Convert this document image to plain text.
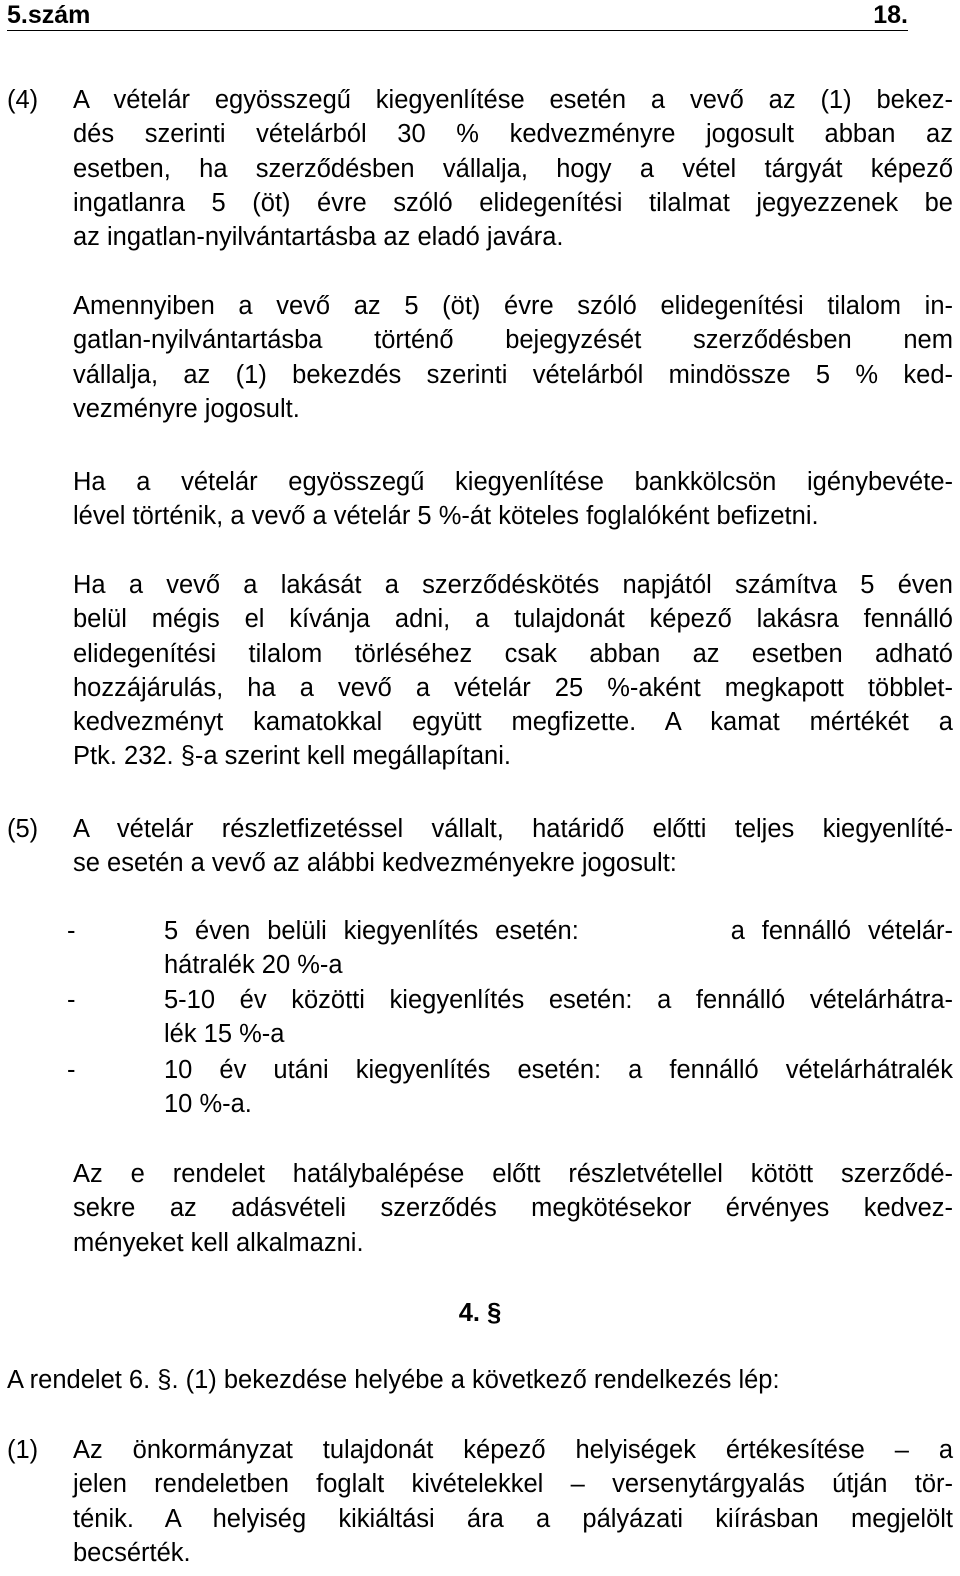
5.szám	18.
(4) A vételár egyösszegű kiegyenlítése esetén a vevő az (1) bekez-
dés szerinti vételárból 30 % kedvezményre jogosult abban az
esetben, ha szerződésben vállalja, hogy a vétel tárgyát képező
ingatlanra 5 (öt) évre szóló elidegenítési tilalmat jegyezzenek be
az ingatlan-nyilvántartásba az eladó javára.
Amennyiben a vevő az 5 (öt) évre szóló elidegenítési tilalom in-
gatlan-nyilvántartásba történő bejegyzését szerződésben nem
vállalja, az (1) bekezdés szerinti vételárból mindössze 5 % ked-
vezményre jogosult.
Ha a vételár egyösszegű kiegyenlítése bankkölcsön igénybevéte-
lével történik, a vevő a vételár 5 %-át köteles foglalóként befizetni.
Ha a vevő a lakását a szerződéskötés napjától számítva 5 éven
belül mégis el kívánja adni, a tulajdonát képező lakásra fennálló
elidegenítési tilalom törléséhez csak abban az esetben adható
hozzájárulás, ha a vevő a vételár 25 %-aként megkapott többlet-
kedvezményt kamatokkal együtt megfizette. A kamat mértékét a
Ptk. 232. §-a szerint kell megállapítani.
(5) A vételár részletfizetéssel vállalt, határidő előtti teljes kiegyenlíté-
se esetén a vevő az alábbi kedvezményekre jogosult:
-	5 éven belüli kiegyenlítés esetén:         a fennálló vételár-
hátralék 20 %-a
-	5-10 év közötti kiegyenlítés esetén: a fennálló vételárhátra-
lék 15 %-a
-	10 év utáni kiegyenlítés esetén: a fennálló vételárhátralék
10 %-a.
Az e rendelet hatálybalépése előtt részletvétellel kötött szerződé-
sekre az adásvételi szerződés megkötésekor érvényes kedvez-
ményeket kell alkalmazni.
4. §
A rendelet 6. §. (1) bekezdése helyébe a következő rendelkezés lép:
(1) Az önkormányzat tulajdonát képező helyiségek értékesítése – a
jelen rendeletben foglalt kivételekkel – versenytárgyalás útján tör-
ténik. A helyiség kikiáltási ára a pályázati kiírásban megjelölt
becsérték.
